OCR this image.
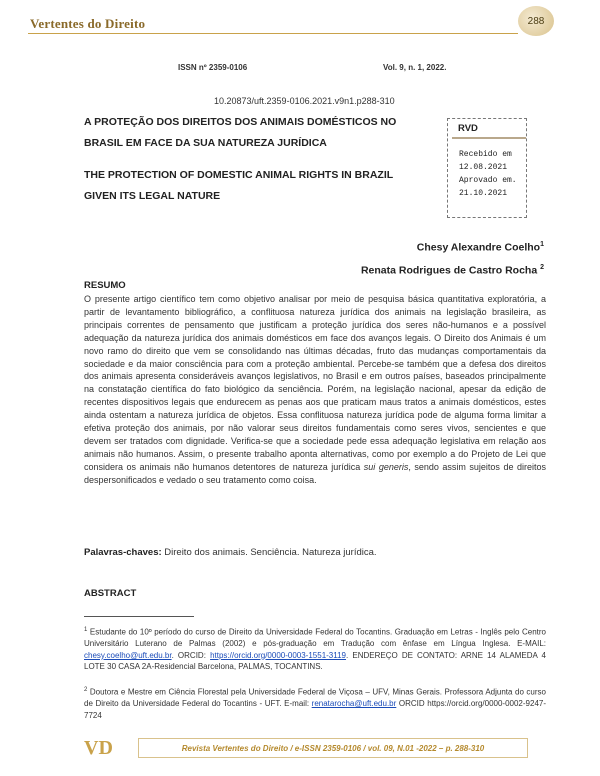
Vertentes do Direito	288
ISSN nº 2359-0106	Vol. 9, n. 1, 2022.
10.20873/uft.2359-0106.2021.v9n1.p288-310
A PROTEÇÃO DOS DIREITOS DOS ANIMAIS DOMÉSTICOS NO
BRASIL EM FACE DA SUA NATUREZA JURÍDICA
THE PROTECTION OF DOMESTIC ANIMAL RIGHTS IN BRAZIL
GIVEN ITS LEGAL NATURE
RVD
Recebido em
12.08.2021
Aprovado em.
21.10.2021
Chesy Alexandre Coelho$^1$
Renata Rodrigues de Castro Rocha $^2$
RESUMO
O presente artigo científico tem como objetivo analisar por meio de pesquisa básica quantitativa exploratória, a partir de levantamento bibliográfico, a conflituosa natureza jurídica dos animais na legislação brasileira, as principais correntes de pensamento que justificam a proteção jurídica dos seres não-humanos e a possível adequação da natureza jurídica dos animais domésticos em face dos avanços legais. O Direito dos Animais é um novo ramo do direito que vem se consolidando nas últimas décadas, fruto das mudanças comportamentais da sociedade e da maior consciência para com a proteção ambiental. Percebe-se também que a defesa dos direitos dos animais apresenta consideráveis avanços legislativos, no Brasil e em outros países, baseados principalmente na constatação científica do fato biológico da senciência. Porém, na legislação nacional, apesar da edição de recentes dispositivos legais que endurecem as penas aos que praticam maus tratos a animais domésticos, estes ainda ostentam a natureza jurídica de objetos. Essa conflituosa natureza jurídica pode de alguma forma limitar a efetiva proteção dos animais, por não valorar seus direitos fundamentais como seres vivos, sencientes e que devem ser tratados com dignidade. Verifica-se que a sociedade pede essa adequação legislativa em relação aos animais não humanos. Assim, o presente trabalho aponta alternativas, como por exemplo a do Projeto de Lei que considera os animais não humanos detentores de natureza jurídica sui generis, sendo assim sujeitos de direitos despersonificados e vedado o seu tratamento como coisa.
Palavras-chaves: Direito dos animais. Senciência. Natureza jurídica.
ABSTRACT
$^1$ Estudante do 10º período do curso de Direito da Universidade Federal do Tocantins. Graduação em Letras - Inglês pelo Centro Universitário Luterano de Palmas (2002) e pós-graduação em Tradução com ênfase em Língua Inglesa. E-MAIL: chesy.coelho@uft.edu.br. ORCID: https://orcid.org/0000-0003-1551-3119. ENDEREÇO DE CONTATO: ARNE 14 ALAMEDA 4 LOTE 30 CASA 2A-Residencial Barcelona, PALMAS, TOCANTINS.
$^2$ Doutora e Mestre em Ciência Florestal pela Universidade Federal de Viçosa – UFV, Minas Gerais. Professora Adjunta do curso de Direito da Universidade Federal do Tocantins - UFT. E-mail: renatarocha@uft.edu.br ORCID https://orcid.org/0000-0002-9247-7724
VD	Revista Vertentes do Direito / e-ISSN 2359-0106 / vol. 09, N.01 -2022 – p. 288-310
